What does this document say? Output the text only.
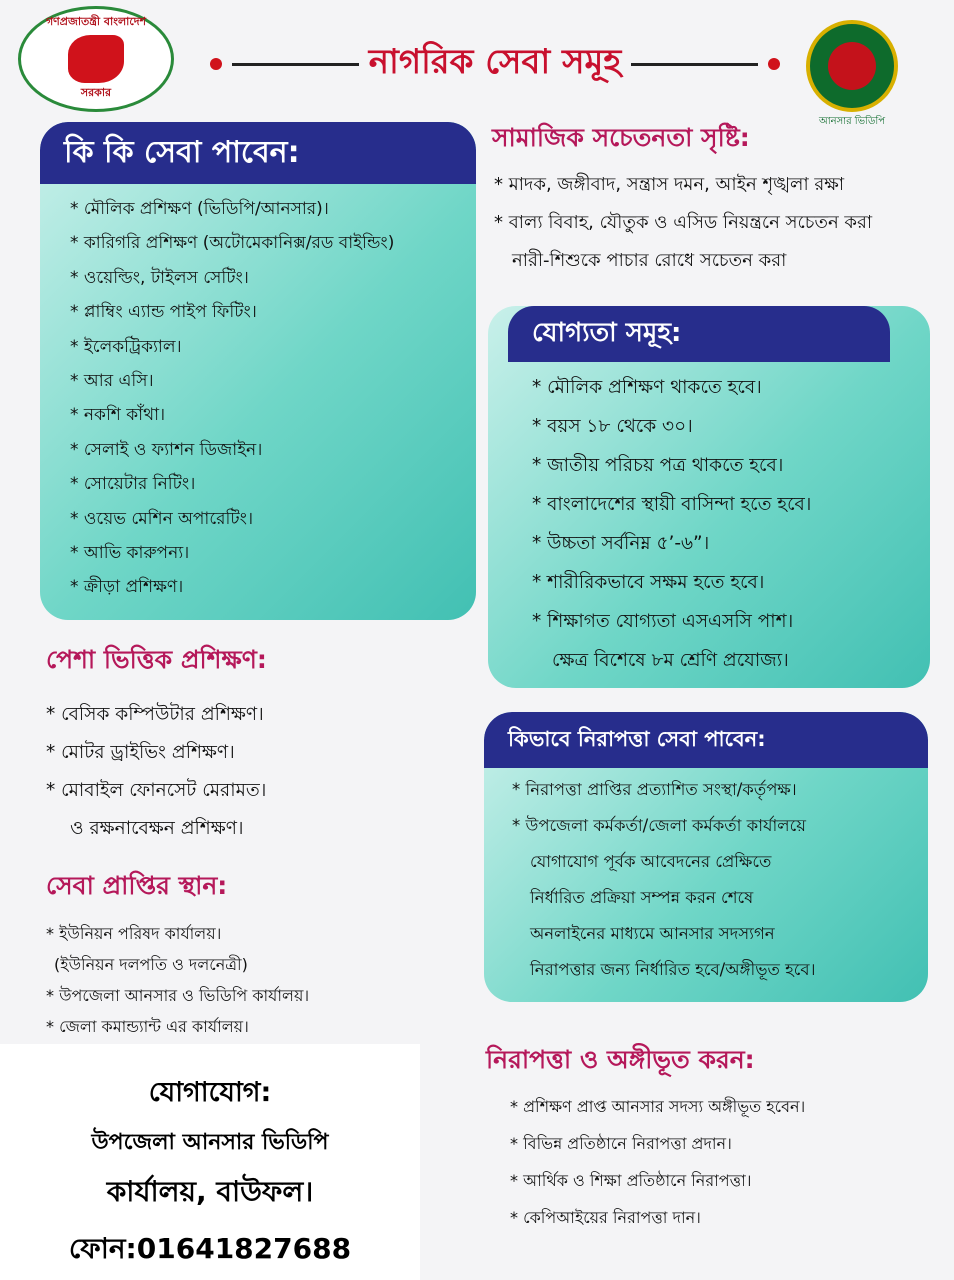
গণপ্রজাতন্ত্রী বাংলাদেশ
সরকার
নাগরিক সেবা সমূহ
আনসার ভিডিপি
কি কি সেবা পাবেন:
* মৌলিক প্রশিক্ষণ (ভিডিপি/আনসার)।
* কারিগরি প্রশিক্ষণ (অটোমেকানিক্স/রড বাইন্ডিং)
* ওয়েল্ডিং, টাইলস সেটিং।
* প্লাম্বিং এ্যান্ড পাইপ ফিটিং।
* ইলেকট্রিক্যাল।
* আর এসি।
* নকশি কাঁথা।
* সেলাই ও ফ্যাশন ডিজাইন।
* সোয়েটার নিটিং।
* ওয়েভ মেশিন অপারেটিং।
* আভি কারুপন্য।
* ক্রীড়া প্রশিক্ষণ।
সামাজিক সচেতনতা সৃষ্টি:
* মাদক, জঙ্গীবাদ, সন্ত্রাস দমন, আইন শৃঙ্খলা রক্ষা
* বাল্য বিবাহ, যৌতুক ও এসিড নিয়ন্ত্রনে সচেতন করা
নারী-শিশুকে পাচার রোধে সচেতন করা
যোগ্যতা সমূহ:
* মৌলিক প্রশিক্ষণ থাকতে হবে।
* বয়স ১৮ থেকে ৩০।
* জাতীয় পরিচয় পত্র থাকতে হবে।
* বাংলাদেশের স্থায়ী বাসিন্দা হতে হবে।
* উচ্চতা সর্বনিম্ন ৫’-৬”।
* শারীরিকভাবে সক্ষম হতে হবে।
* শিক্ষাগত যোগ্যতা এসএসসি পাশ।
ক্ষেত্র বিশেষে ৮ম শ্রেণি প্রযোজ্য।
পেশা ভিত্তিক প্রশিক্ষণ:
* বেসিক কম্পিউটার প্রশিক্ষণ।
* মোটর ড্রাইভিং প্রশিক্ষণ।
* মোবাইল ফোনসেট মেরামত।
ও রক্ষনাবেক্ষন প্রশিক্ষণ।
কিভাবে নিরাপত্তা সেবা পাবেন:
* নিরাপত্তা প্রাপ্তির প্রত্যাশিত সংস্থা/কর্তৃপক্ষ।
* উপজেলা কর্মকর্তা/জেলা কর্মকর্তা কার্যালয়ে
যোগাযোগ পূর্বক আবেদনের প্রেক্ষিতে
নির্ধারিত প্রক্রিয়া সম্পন্ন করন শেষে
অনলাইনের মাধ্যমে আনসার সদস্যগন
নিরাপত্তার জন্য নির্ধারিত হবে/অঙ্গীভূত হবে।
সেবা প্রাপ্তির স্থান:
* ইউনিয়ন পরিষদ কার্যালয়।
(ইউনিয়ন দলপতি ও দলনেত্রী)
* উপজেলা আনসার ও ভিডিপি কার্যালয়।
* জেলা কমান্ড্যান্ট এর কার্যালয়।
নিরাপত্তা ও অঙ্গীভূত করন:
* প্রশিক্ষণ প্রাপ্ত আনসার সদস্য অঙ্গীভূত হবেন।
* বিভিন্ন প্রতিষ্ঠানে নিরাপত্তা প্রদান।
* আর্থিক ও শিক্ষা প্রতিষ্ঠানে নিরাপত্তা।
* কেপিআইয়ের নিরাপত্তা দান।
যোগাযোগ:
উপজেলা আনসার ভিডিপি
কার্যালয়, বাউফল।
ফোন:01641827688
